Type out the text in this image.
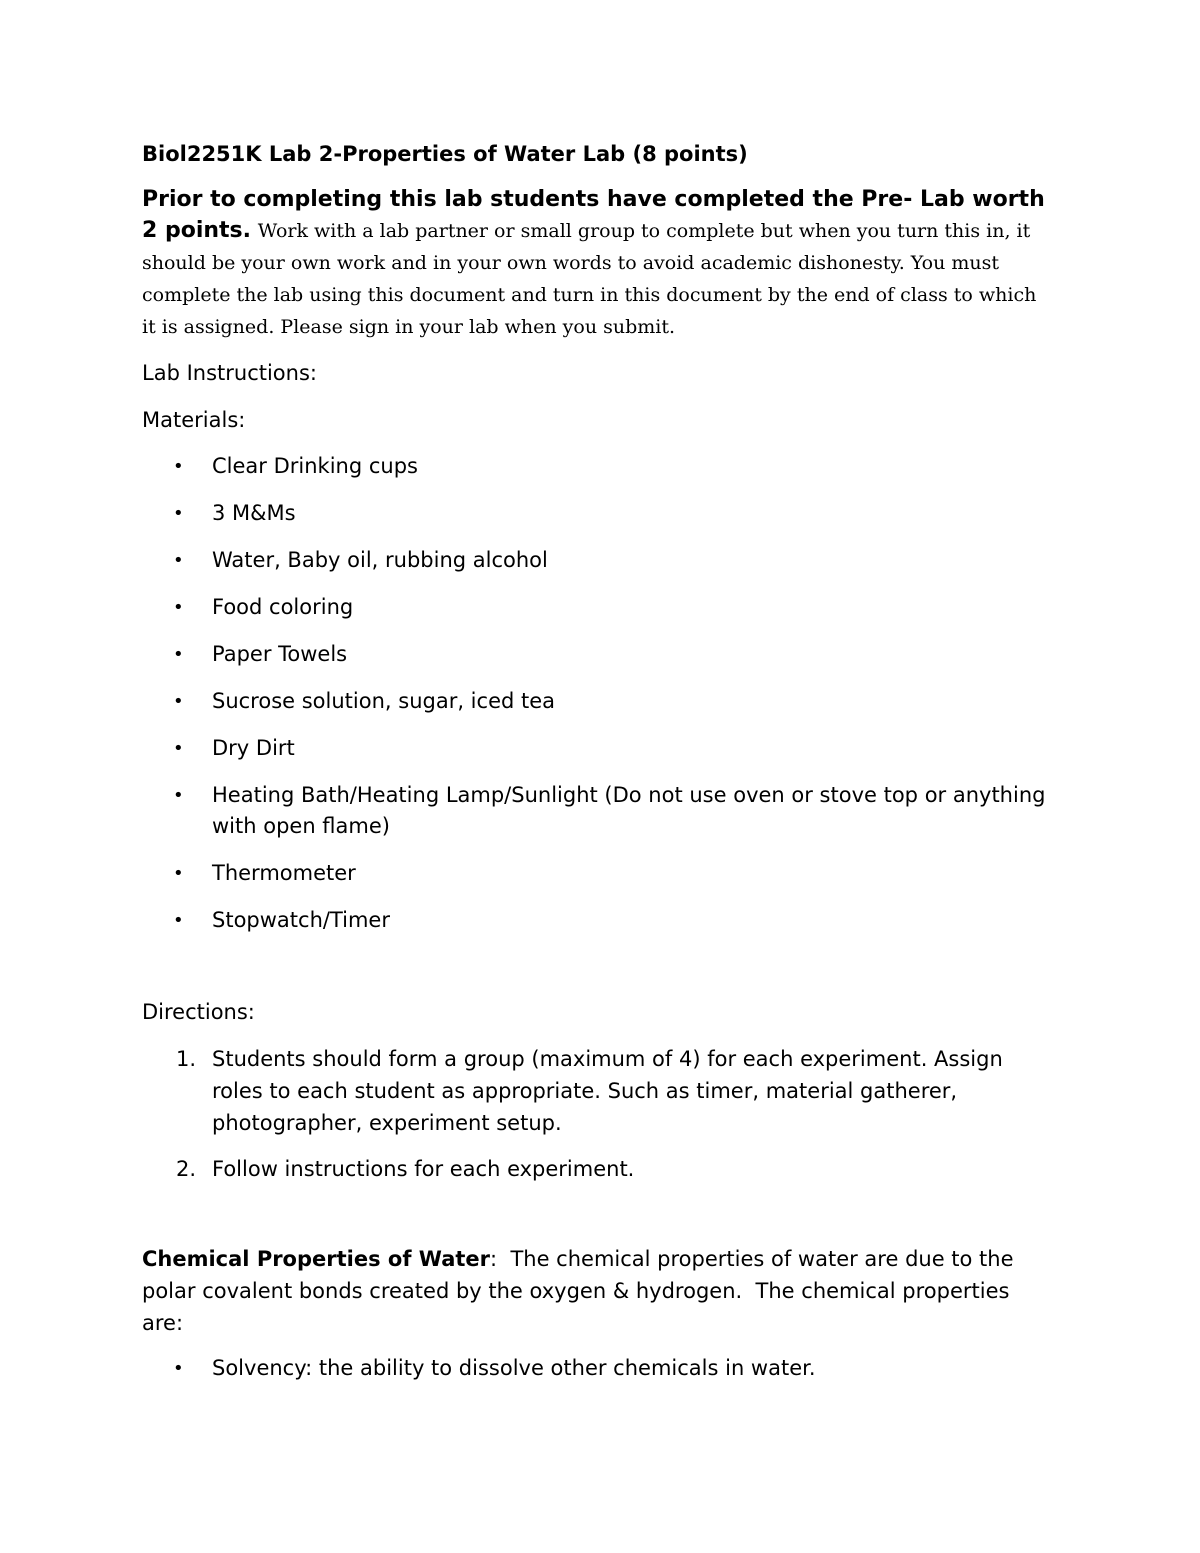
Biol2251K Lab 2-Properties of Water Lab (8 points)
Prior to completing this lab students have completed the Pre- Lab worth 2 points. Work with a lab partner or small group to complete but when you turn this in, it should be your own work and in your own words to avoid academic dishonesty. You must complete the lab using this document and turn in this document by the end of class to which it is assigned. Please sign in your lab when you submit.
Lab Instructions:
Materials:
• Clear Drinking cups
• 3 M&Ms
• Water, Baby oil, rubbing alcohol
• Food coloring
• Paper Towels
• Sucrose solution, sugar, iced tea
• Dry Dirt
• Heating Bath/Heating Lamp/Sunlight (Do not use oven or stove top or anything with open flame)
• Thermometer
• Stopwatch/Timer
Directions:
1. Students should form a group (maximum of 4) for each experiment. Assign roles to each student as appropriate. Such as timer, material gatherer, photographer, experiment setup.
2. Follow instructions for each experiment.
Chemical Properties of Water:  The chemical properties of water are due to the polar covalent bonds created by the oxygen & hydrogen.  The chemical properties are:
• Solvency: the ability to dissolve other chemicals in water.
